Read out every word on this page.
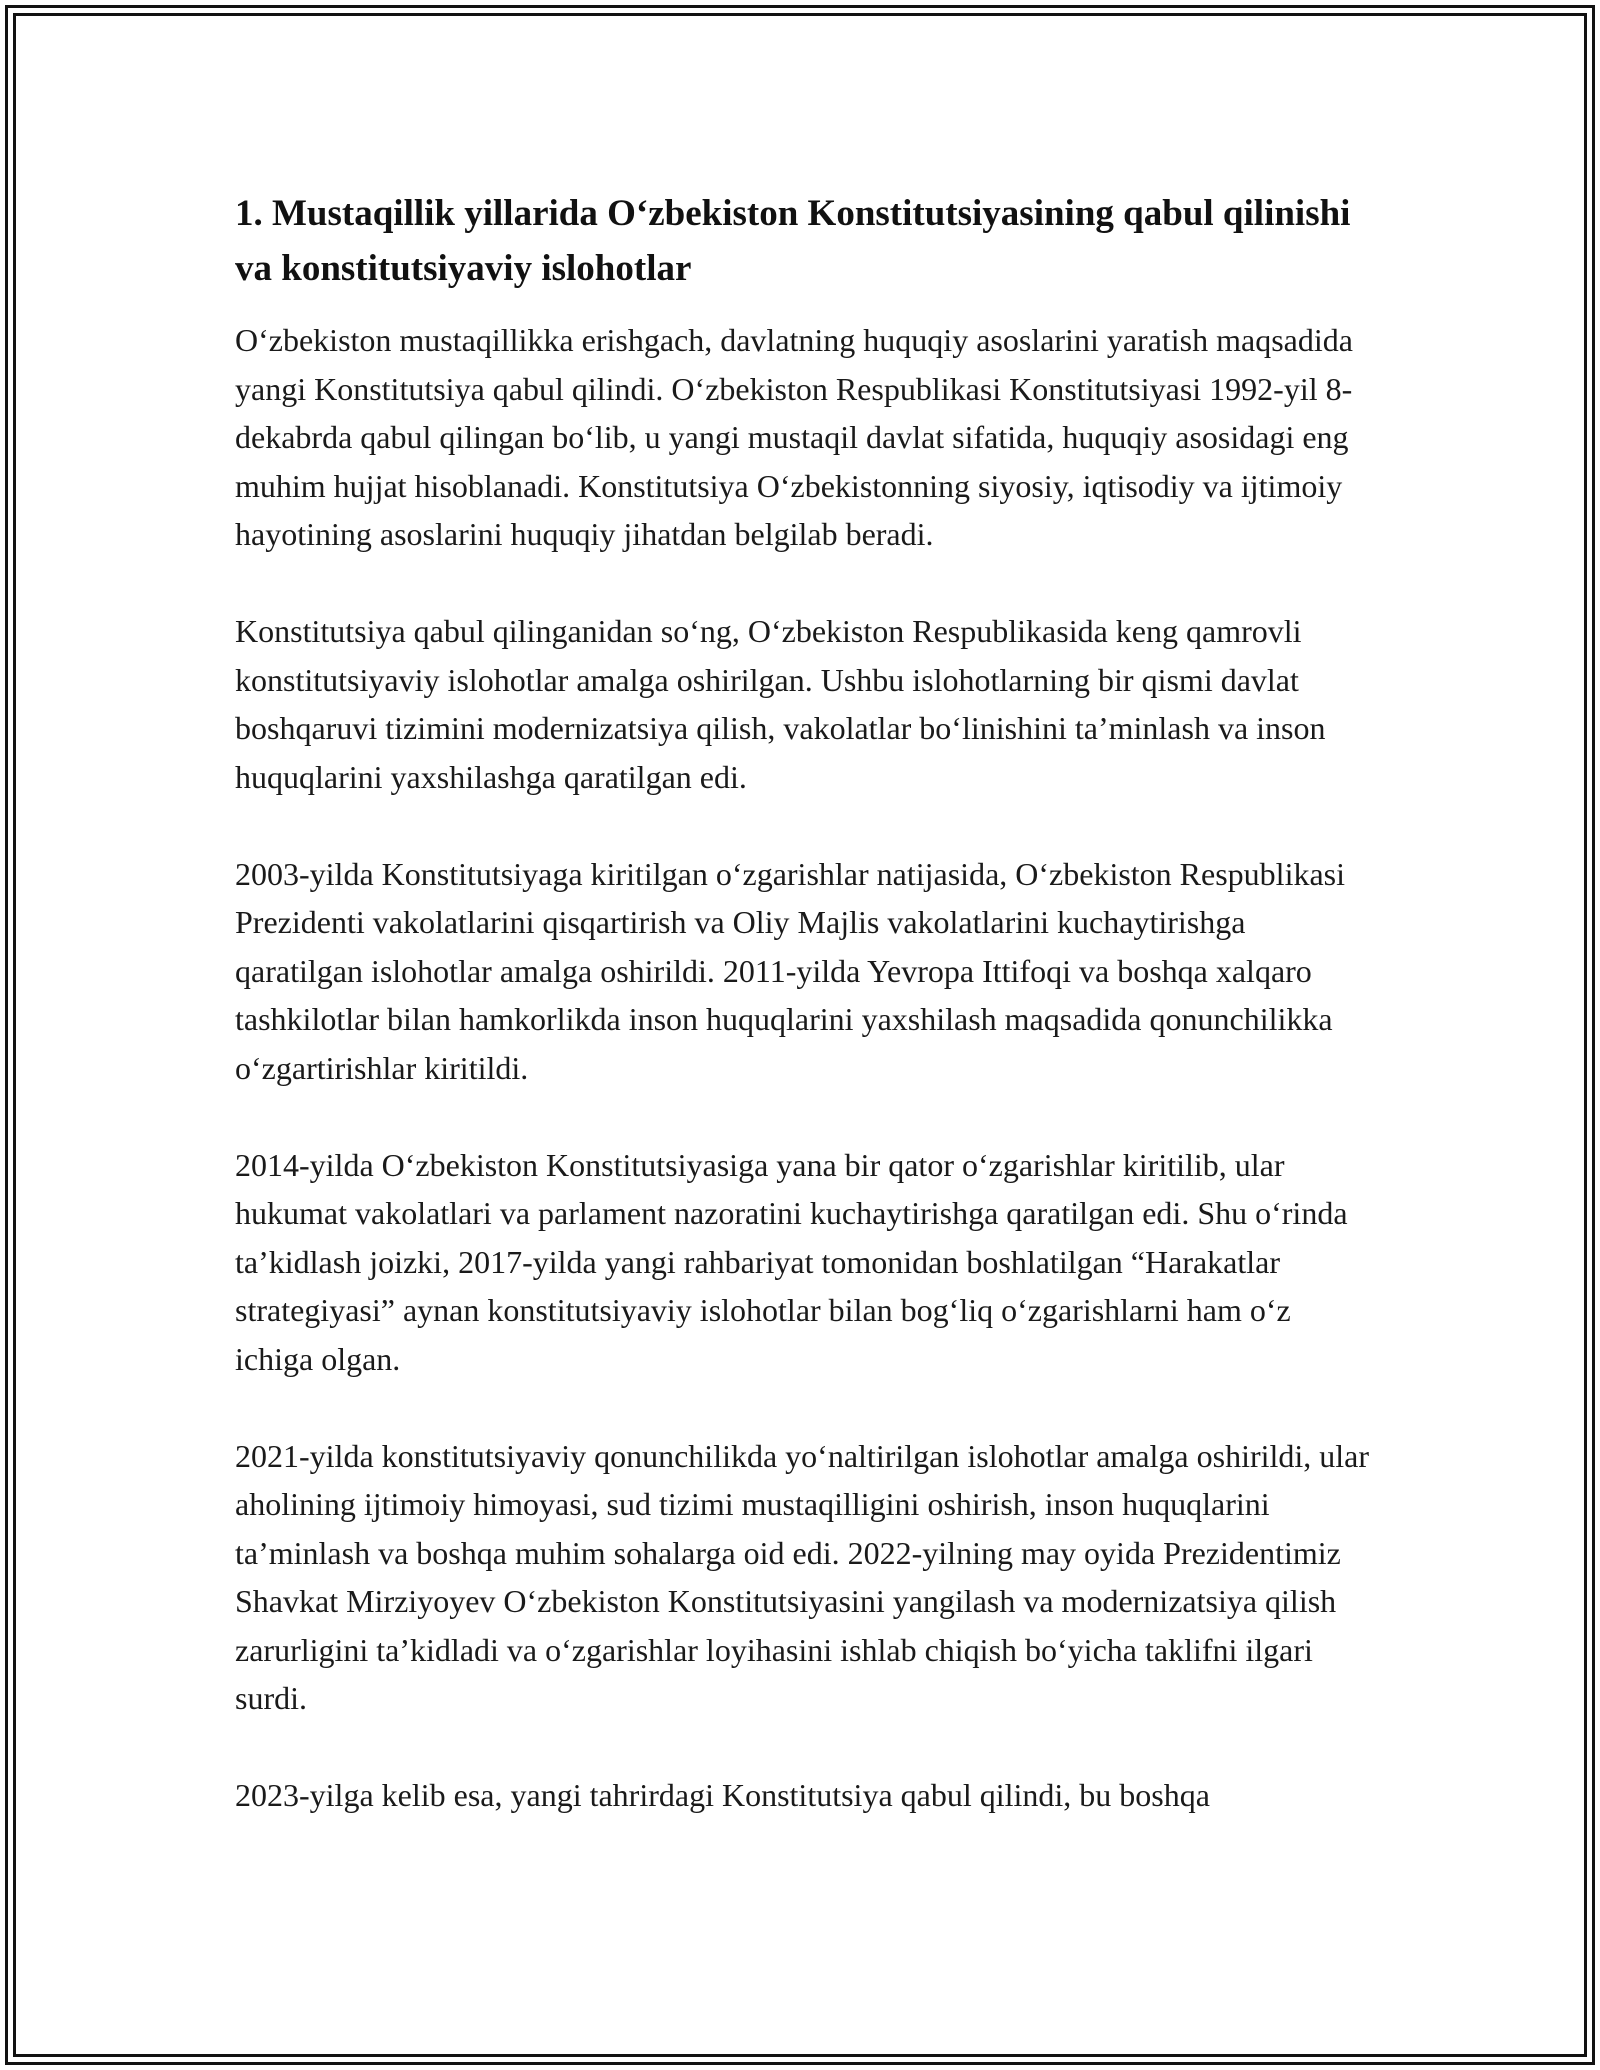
1. Mustaqillik yillarida O‘zbekiston Konstitutsiyasining qabul qilinishi va konstitutsiyaviy islohotlar

O‘zbekiston mustaqillikka erishgach, davlatning huquqiy asoslarini yaratish maqsadida yangi Konstitutsiya qabul qilindi. O‘zbekiston Respublikasi Konstitutsiyasi 1992-yil 8-dekabrda qabul qilingan bo‘lib, u yangi mustaqil davlat sifatida, huquqiy asosidagi eng muhim hujjat hisoblanadi. Konstitutsiya O‘zbekistonning siyosiy, iqtisodiy va ijtimoiy hayotining asoslarini huquqiy jihatdan belgilab beradi.

Konstitutsiya qabul qilinganidan so‘ng, O‘zbekiston Respublikasida keng qamrovli konstitutsiyaviy islohotlar amalga oshirilgan. Ushbu islohotlarning bir qismi davlat boshqaruvi tizimini modernizatsiya qilish, vakolatlar bo‘linishini ta’minlash va inson huquqlarini yaxshilashga qaratilgan edi.

2003-yilda Konstitutsiyaga kiritilgan o‘zgarishlar natijasida, O‘zbekiston Respublikasi Prezidenti vakolatlarini qisqartirish va Oliy Majlis vakolatlarini kuchaytirishga qaratilgan islohotlar amalga oshirildi. 2011-yilda Yevropa Ittifoqi va boshqa xalqaro tashkilotlar bilan hamkorlikda inson huquqlarini yaxshilash maqsadida qonunchilikka o‘zgartirishlar kiritildi.

2014-yilda O‘zbekiston Konstitutsiyasiga yana bir qator o‘zgarishlar kiritilib, ular hukumat vakolatlari va parlament nazoratini kuchaytirishga qaratilgan edi. Shu o‘rinda ta’kidlash joizki, 2017-yilda yangi rahbariyat tomonidan boshlatilgan “Harakatlar strategiyasi” aynan konstitutsiyaviy islohotlar bilan bog‘liq o‘zgarishlarni ham o‘z ichiga olgan.

2021-yilda konstitutsiyaviy qonunchilikda yo‘naltirilgan islohotlar amalga oshirildi, ular aholining ijtimoiy himoyasi, sud tizimi mustaqilligini oshirish, inson huquqlarini ta’minlash va boshqa muhim sohalarga oid edi. 2022-yilning may oyida Prezidentimiz Shavkat Mirziyoyev O‘zbekiston Konstitutsiyasini yangilash va modernizatsiya qilish zarurligini ta’kidladi va o‘zgarishlar loyihasini ishlab chiqish bo‘yicha taklifni ilgari surdi.

2023-yilga kelib esa, yangi tahrirdagi Konstitutsiya qabul qilindi, bu boshqa
